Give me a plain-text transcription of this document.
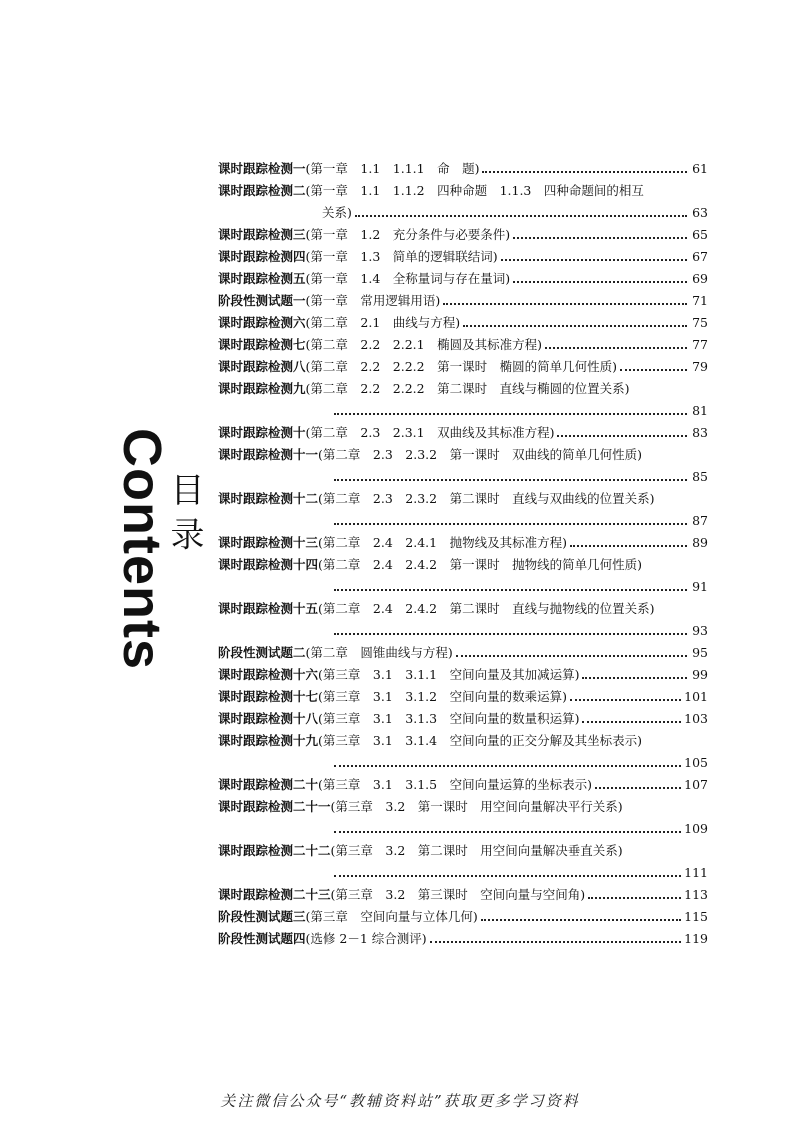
Contents
目 录
课时跟踪检测一 (第一章　1.1　1.1.1　命　题)	61
课时跟踪检测二 (第一章　1.1　1.1.2　四种命题　1.1.3　四种命题间的相互
关系)	63
课时跟踪检测三 (第一章　1.2　充分条件与必要条件)	65
课时跟踪检测四 (第一章　1.3　简单的逻辑联结词)	67
课时跟踪检测五 (第一章　1.4　全称量词与存在量词)	69
阶段性测试题一 (第一章　常用逻辑用语)	71
课时跟踪检测六 (第二章　2.1　曲线与方程)	75
课时跟踪检测七 (第二章　2.2　2.2.1　椭圆及其标准方程)	77
课时跟踪检测八 (第二章　2.2　2.2.2　第一课时　椭圆的简单几何性质)	79
课时跟踪检测九 (第二章　2.2　2.2.2　第二课时　直线与椭圆的位置关系)
81
课时跟踪检测十 (第二章　2.3　2.3.1　双曲线及其标准方程)	83
课时跟踪检测十一 (第二章　2.3　2.3.2　第一课时　双曲线的简单几何性质)
85
课时跟踪检测十二 (第二章　2.3　2.3.2　第二课时　直线与双曲线的位置关系)
87
课时跟踪检测十三 (第二章　2.4　2.4.1　抛物线及其标准方程)	89
课时跟踪检测十四 (第二章　2.4　2.4.2　第一课时　抛物线的简单几何性质)
91
课时跟踪检测十五 (第二章　2.4　2.4.2　第二课时　直线与抛物线的位置关系)
93
阶段性测试题二 (第二章　圆锥曲线与方程)	95
课时跟踪检测十六 (第三章　3.1　3.1.1　空间向量及其加减运算)	99
课时跟踪检测十七 (第三章　3.1　3.1.2　空间向量的数乘运算)	101
课时跟踪检测十八 (第三章　3.1　3.1.3　空间向量的数量积运算)	103
课时跟踪检测十九 (第三章　3.1　3.1.4　空间向量的正交分解及其坐标表示)
105
课时跟踪检测二十 (第三章　3.1　3.1.5　空间向量运算的坐标表示)	107
课时跟踪检测二十一 (第三章　3.2　第一课时　用空间向量解决平行关系)
109
课时跟踪检测二十二 (第三章　3.2　第二课时　用空间向量解决垂直关系)
111
课时跟踪检测二十三 (第三章　3.2　第三课时　空间向量与空间角)	113
阶段性测试题三 (第三章　空间向量与立体几何)	115
阶段性测试题四 (选修 2－1 综合测评)	119
关注微信公众号“教辅资料站”获取更多学习资料
